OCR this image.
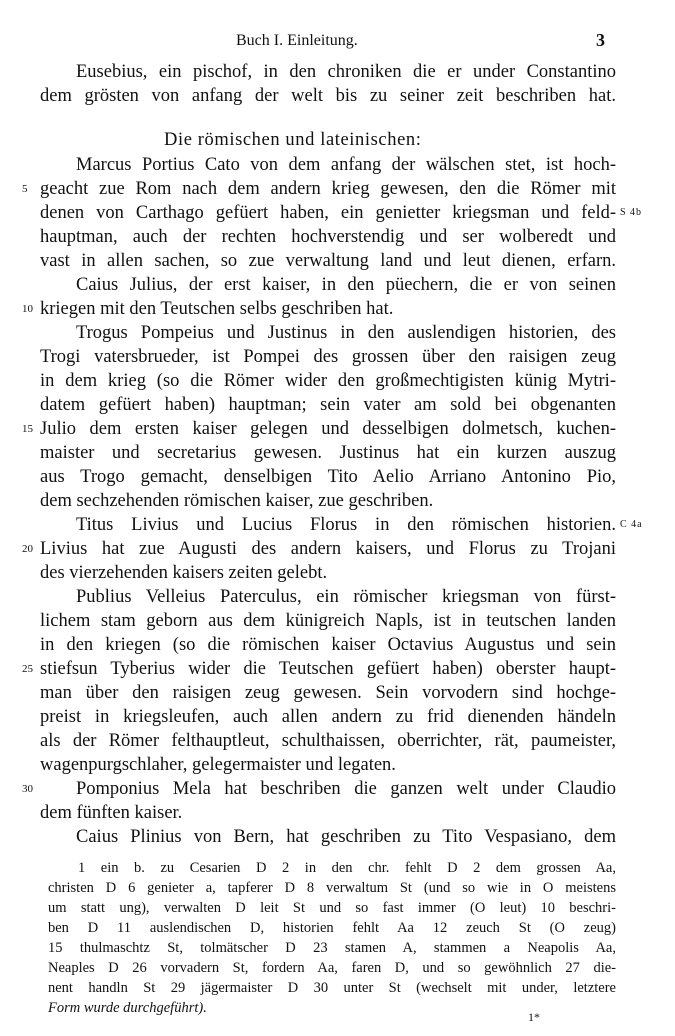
Buch I. Einleitung.	3
Eusebius, ein pischof, in den chroniken die er under Constantino
dem grösten von anfang der welt bis zu seiner zeit beschriben hat.
Die römischen und lateinischen:
Marcus Portius Cato von dem anfang der wälschen stet, ist hoch-
geacht zue Rom nach dem andern krieg gewesen, den die Römer mit
denen von Carthago gefüert haben, ein genietter kriegsman und feld-
hauptman, auch der rechten hochverstendig und ser wolberedt und
vast in allen sachen, so zue verwaltung land und leut dienen, erfarn.
Caius Julius, der erst kaiser, in den püechern, die er von seinen
kriegen mit den Teutschen selbs geschriben hat.
Trogus Pompeius und Justinus in den auslendigen historien, des
Trogi vatersbrueder, ist Pompei des grossen über den raisigen zeug
in dem krieg (so die Römer wider den großmechtigisten künig Mytri-
datem gefüert haben) hauptman; sein vater am sold bei obgenanten
Julio dem ersten kaiser gelegen und desselbigen dolmetsch, kuchen-
maister und secretarius gewesen. Justinus hat ein kurzen auszug
aus Trogo gemacht, denselbigen Tito Aelio Arriano Antonino Pio,
dem sechzehenden römischen kaiser, zue geschriben.
Titus Livius und Lucius Florus in den römischen historien.
Livius hat zue Augusti des andern kaisers, und Florus zu Trojani
des vierzehenden kaisers zeiten gelebt.
Publius Velleius Paterculus, ein römischer kriegsman von fürst-
lichem stam geborn aus dem künigreich Napls, ist in teutschen landen
in den kriegen (so die römischen kaiser Octavius Augustus und sein
stiefsun Tyberius wider die Teutschen gefüert haben) oberster haupt-
man über den raisigen zeug gewesen. Sein vorvodern sind hochge-
preist in kriegsleufen, auch allen andern zu frid dienenden händeln
als der Römer felthauptleut, schulthaissen, oberrichter, rät, paumeister,
wagenpurgschlaher, gelegermaister und legaten.
Pomponius Mela hat beschriben die ganzen welt under Claudio
dem fünften kaiser.
Caius Plinius von Bern, hat geschriben zu Tito Vespasiano, dem
5
10
15
20
25
30
S 4b
C 4a
1 ein b. zu Cesarien D 2 in den chr. fehlt D 2 dem grossen Aa,
christen D 6 genieter a, tapferer D 8 verwaltum St (und so wie in O meistens
um statt ung), verwalten D leit St und so fast immer (O leut) 10 beschri-
ben D 11 auslendischen D, historien fehlt Aa 12 zeuch St (O zeug)
15 thulmaschtz St, tolmätscher D 23 stamen A, stammen a Neapolis Aa,
Neaples D 26 vorvadern St, fordern Aa, faren D, und so gewöhnlich 27 die-
nent handln St 29 jägermaister D 30 unter St (wechselt mit under, letztere
Form wurde durchgeführt).
1*
